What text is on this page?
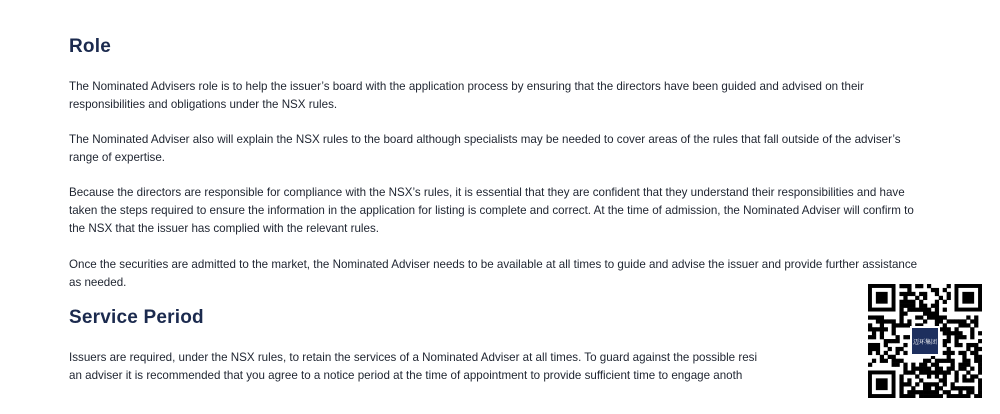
Role

The Nominated Advisers role is to help the issuer’s board with the application process by ensuring that the directors have been guided and advised on their responsibilities and obligations under the NSX rules.

The Nominated Adviser also will explain the NSX rules to the board although specialists may be needed to cover areas of the rules that fall outside of the adviser’s range of expertise.

Because the directors are responsible for compliance with the NSX’s rules, it is essential that they are confident that they understand their responsibilities and have taken the steps required to ensure the information in the application for listing is complete and correct. At the time of admission, the Nominated Adviser will confirm to the NSX that the issuer has complied with the relevant rules.

Once the securities are admitted to the market, the Nominated Adviser needs to be available at all times to guide and advise the issuer and provide further assistance as needed.

Service Period

Issuers are required, under the NSX rules, to retain the services of a Nominated Adviser at all times. To guard against the possible resi
an adviser it is recommended that you agree to a notice period at the time of appointment to provide sufficient time to engage anoth

迈环集团
